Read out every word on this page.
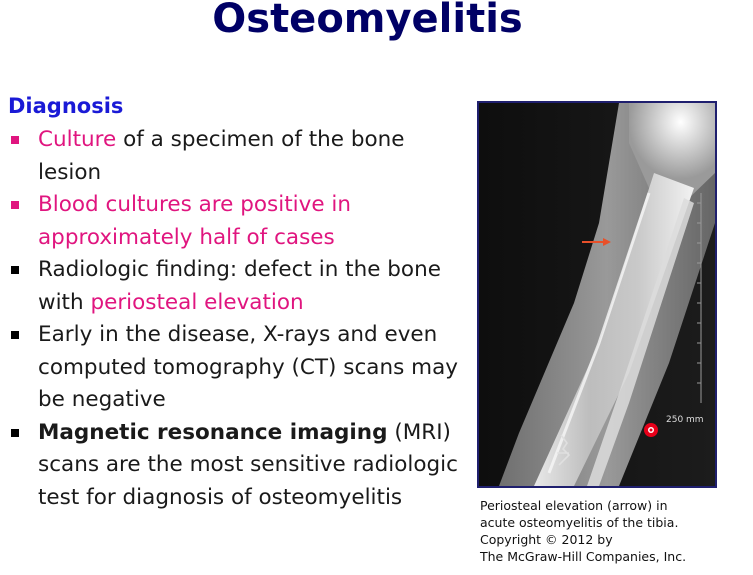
Osteomyelitis
Diagnosis
Culture of a specimen of the bone lesion
Blood cultures are positive in approximately half of cases
Radiologic finding: defect in the bone with periosteal elevation
Early in the disease, X-rays and even computed tomography (CT) scans may be negative
Magnetic resonance imaging (MRI) scans are the most sensitive radiologic test for diagnosis of osteomyelitis
250 mm
Periosteal elevation (arrow) in
acute osteomyelitis of the tibia.
Copyright © 2012 by
The McGraw-Hill Companies, Inc.
